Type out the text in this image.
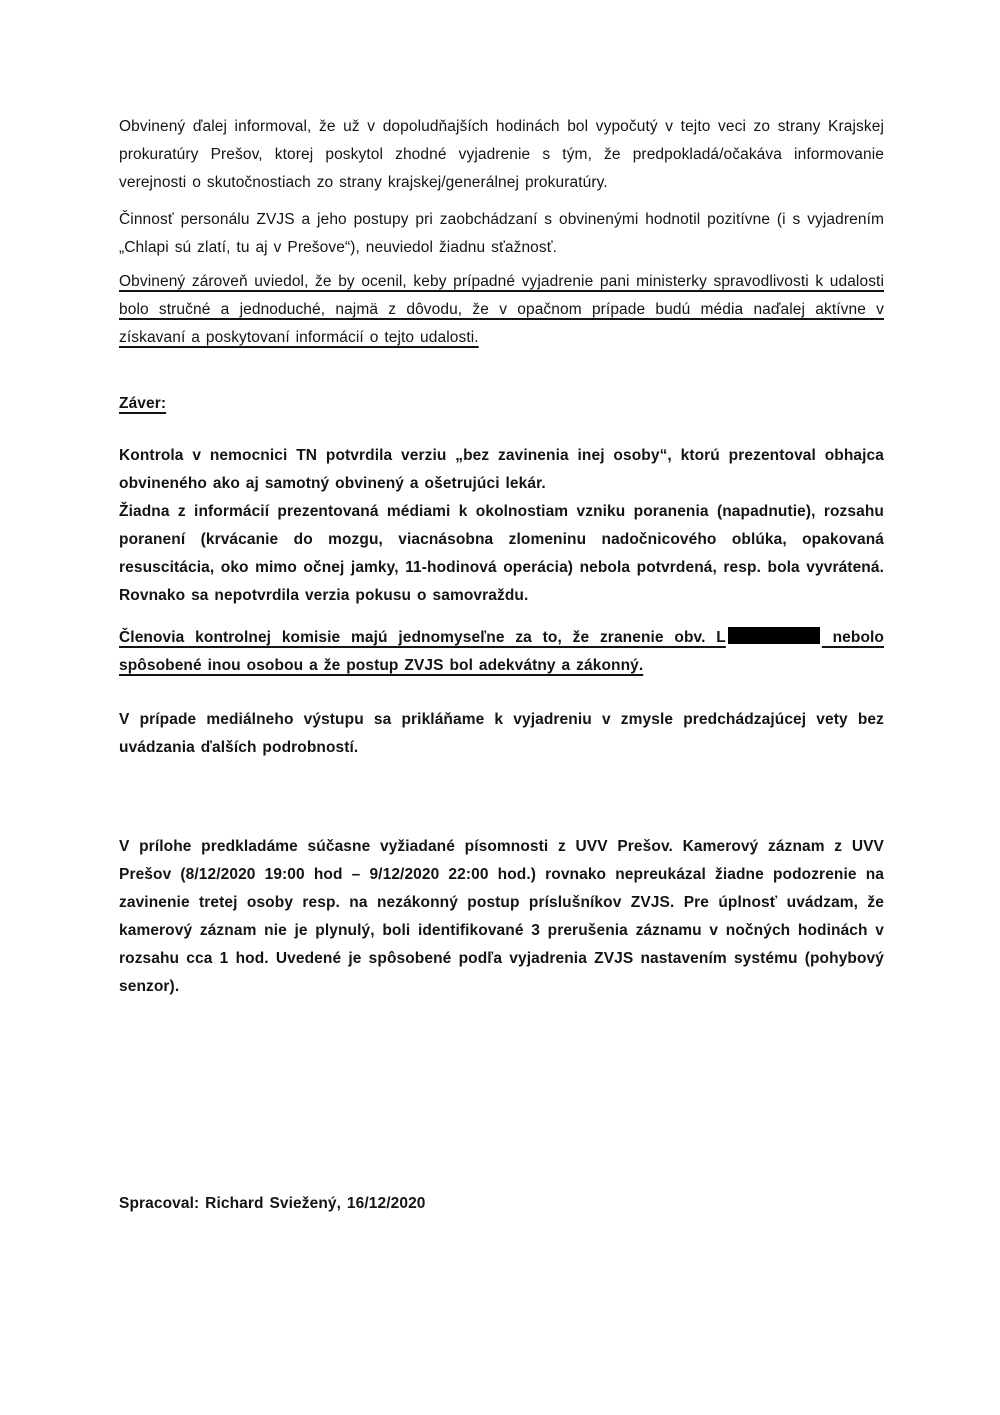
Obvinený ďalej informoval, že už v dopoludňajších hodinách bol vypočutý v tejto veci zo strany Krajskej prokuratúry Prešov, ktorej poskytol zhodné vyjadrenie s tým, že predpokladá/očakáva informovanie verejnosti o skutočnostiach zo strany krajskej/generálnej prokuratúry.

Činnosť personálu ZVJS a jeho postupy pri zaobchádzaní s obvinenými hodnotil pozitívne (i s vyjadrením „Chlapi sú zlatí, tu aj v Prešove“), neuviedol žiadnu sťažnosť.

Obvinený zároveň uviedol, že by ocenil, keby prípadné vyjadrenie pani ministerky spravodlivosti k udalosti bolo stručné a jednoduché, najmä z dôvodu, že v opačnom prípade budú média naďalej aktívne v získavaní a poskytovaní informácií o tejto udalosti.

Záver:

Kontrola v nemocnici TN potvrdila verziu „bez zavinenia inej osoby“, ktorú prezentoval obhajca obvineného ako aj samotný obvinený a ošetrujúci lekár.

Žiadna z informácií prezentovaná médiami k okolnostiam vzniku poranenia (napadnutie), rozsahu poranení (krvácanie do mozgu, viacnásobna zlomeninu nadočnicového oblúka, opakovaná resuscitácia, oko mimo očnej jamky, 11-hodinová operácia) nebola potvrdená, resp. bola vyvrátená. Rovnako sa nepotvrdila verzia pokusu o samovraždu.

Členovia kontrolnej komisie majú jednomyseľne za to, že zranenie obv. L	nebolo spôsobené inou osobou a že postup ZVJS bol adekvátny a zákonný.

V prípade mediálneho výstupu sa prikláňame k vyjadreniu v zmysle predchádzajúcej vety bez uvádzania ďalších podrobností.

V prílohe predkladáme súčasne vyžiadané písomnosti z UVV Prešov. Kamerový záznam z UVV Prešov (8/12/2020 19:00 hod – 9/12/2020 22:00 hod.) rovnako nepreukázal žiadne podozrenie na zavinenie tretej osoby resp. na nezákonný postup príslušníkov ZVJS. Pre úplnosť uvádzam, že kamerový záznam nie je plynulý, boli identifikované 3 prerušenia záznamu v nočných hodinách v rozsahu cca 1 hod. Uvedené je spôsobené podľa vyjadrenia ZVJS nastavením systému (pohybový senzor).

Spracoval: Richard Sviežený, 16/12/2020
